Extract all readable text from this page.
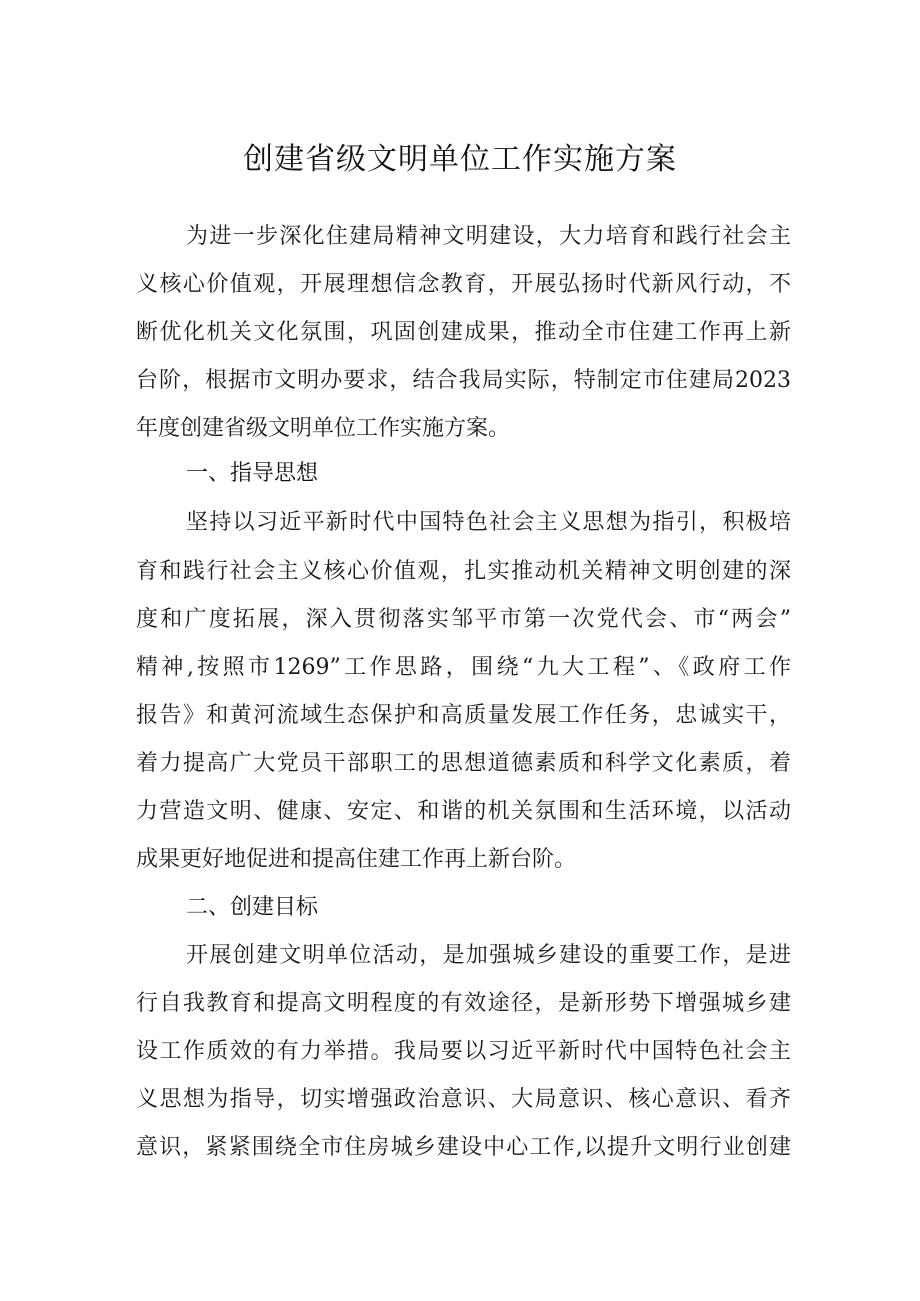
创建省级文明单位工作实施方案
为进一步深化住建局精神文明建设，大力培育和践行社会主
义核心价值观，开展理想信念教育，开展弘扬时代新风行动，不
断优化机关文化氛围，巩固创建成果，推动全市住建工作再上新
台阶，根据市文明办要求，结合我局实际，特制定市住建局2023
年度创建省级文明单位工作实施方案。
一、指导思想
坚持以习近平新时代中国特色社会主义思想为指引，积极培
育和践行社会主义核心价值观，扎实推动机关精神文明创建的深
度和广度拓展，深入贯彻落实邹平市第一次党代会、市“两会”
精神,按照市1269”工作思路，围绕“九大工程”、《政府工作
报告》和黄河流域生态保护和高质量发展工作任务，忠诚实干，
着力提高广大党员干部职工的思想道德素质和科学文化素质，着
力营造文明、健康、安定、和谐的机关氛围和生活环境，以活动
成果更好地促进和提高住建工作再上新台阶。
二、创建目标
开展创建文明单位活动，是加强城乡建设的重要工作，是进
行自我教育和提高文明程度的有效途径，是新形势下增强城乡建
设工作质效的有力举措。我局要以习近平新时代中国特色社会主
义思想为指导，切实增强政治意识、大局意识、核心意识、看齐
意识，紧紧围绕全市住房城乡建设中心工作,以提升文明行业创建
